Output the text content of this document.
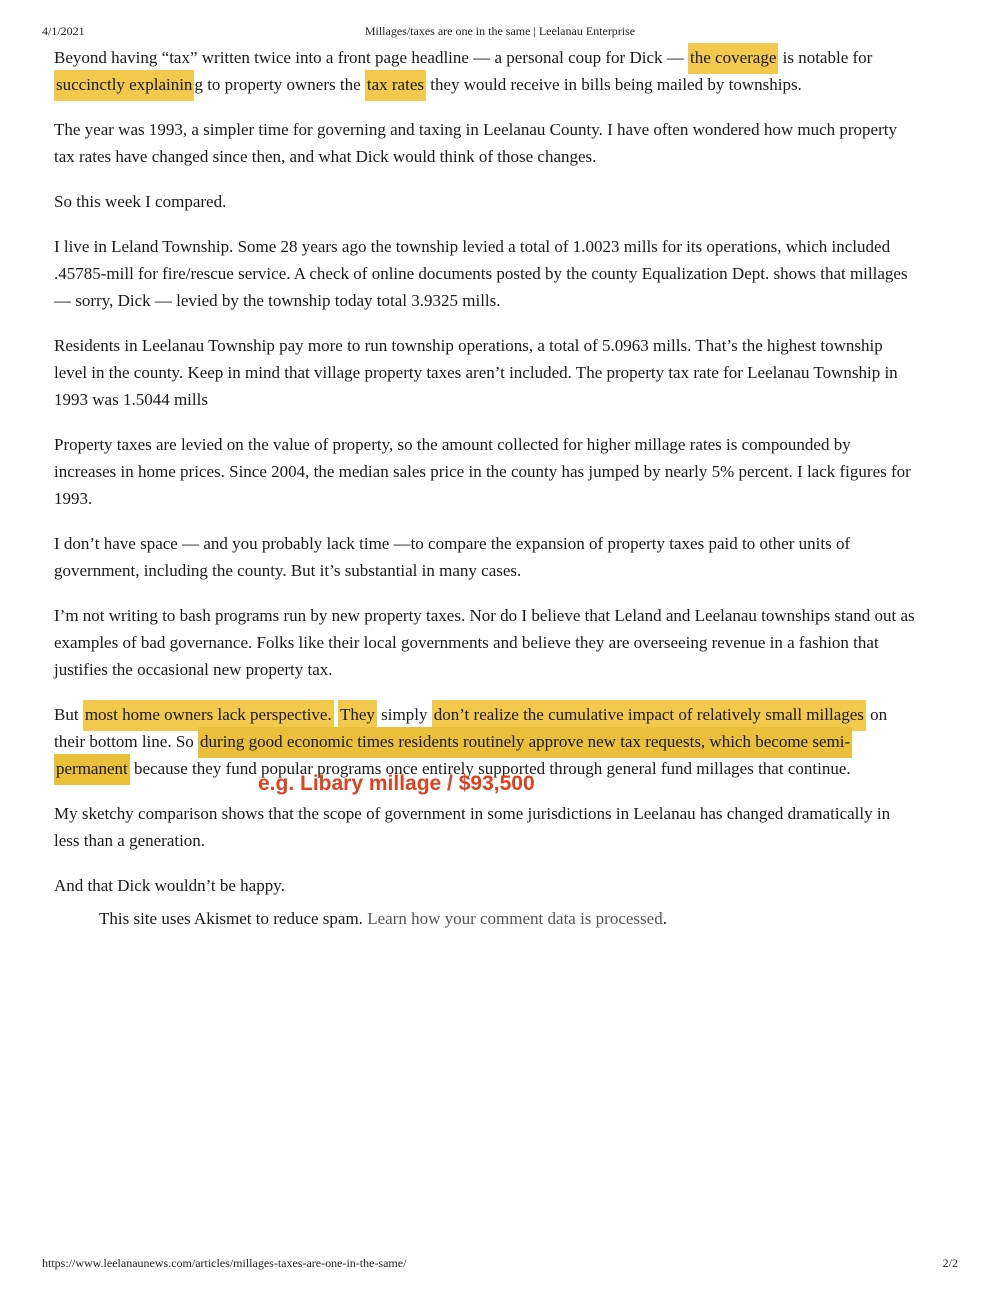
4/1/2021	Millages/taxes are one in the same | Leelanau Enterprise

Beyond having “tax” written twice into a front page headline — a personal coup for Dick — the coverage is notable for succinctly explainin g to property owners the tax rates they would receive in bills being mailed by townships.

The year was 1993, a simpler time for governing and taxing in Leelanau County. I have often wondered how much property tax rates have changed since then, and what Dick would think of those changes.

So this week I compared.

I live in Leland Township. Some 28 years ago the township levied a total of 1.0023 mills for its operations, which included .45785-mill for fire/rescue service. A check of online documents posted by the county Equalization Dept. shows that millages — sorry, Dick — levied by the township today total 3.9325 mills.

Residents in Leelanau Township pay more to run township operations, a total of 5.0963 mills. That’s the highest township level in the county. Keep in mind that village property taxes aren’t included. The property tax rate for Leelanau Township in 1993 was 1.5044 mills

Property taxes are levied on the value of property, so the amount collected for higher millage rates is compounded by increases in home prices. Since 2004, the median sales price in the county has jumped by nearly 5% percent. I lack figures for 1993.

I don’t have space — and you probably lack time —to compare the expansion of property taxes paid to other units of government, including the county. But it’s substantial in many cases.

I’m not writing to bash programs run by new property taxes. Nor do I believe that Leland and Leelanau townships stand out as examples of bad governance. Folks like their local governments and believe they are overseeing revenue in a fashion that justifies the occasional new property tax.

But most home owners lack perspective. They simply don’t realize the cumulative impact of relatively small millages on their bottom line. So during good economic times residents routinely approve new tax requests, which become semi-permanent because they fund popular programs once entirely supported through general fund millages that continue.

My sketchy comparison shows that the scope of government in some jurisdictions in Leelanau has changed dramatically in less than a generation.

And that Dick wouldn’t be happy.

e.g. Libary millage / $93,500
This site uses Akismet to reduce spam. Learn how your comment data is processed.
https://www.leelanaunews.com/articles/millages-taxes-are-one-in-the-same/	2/2
